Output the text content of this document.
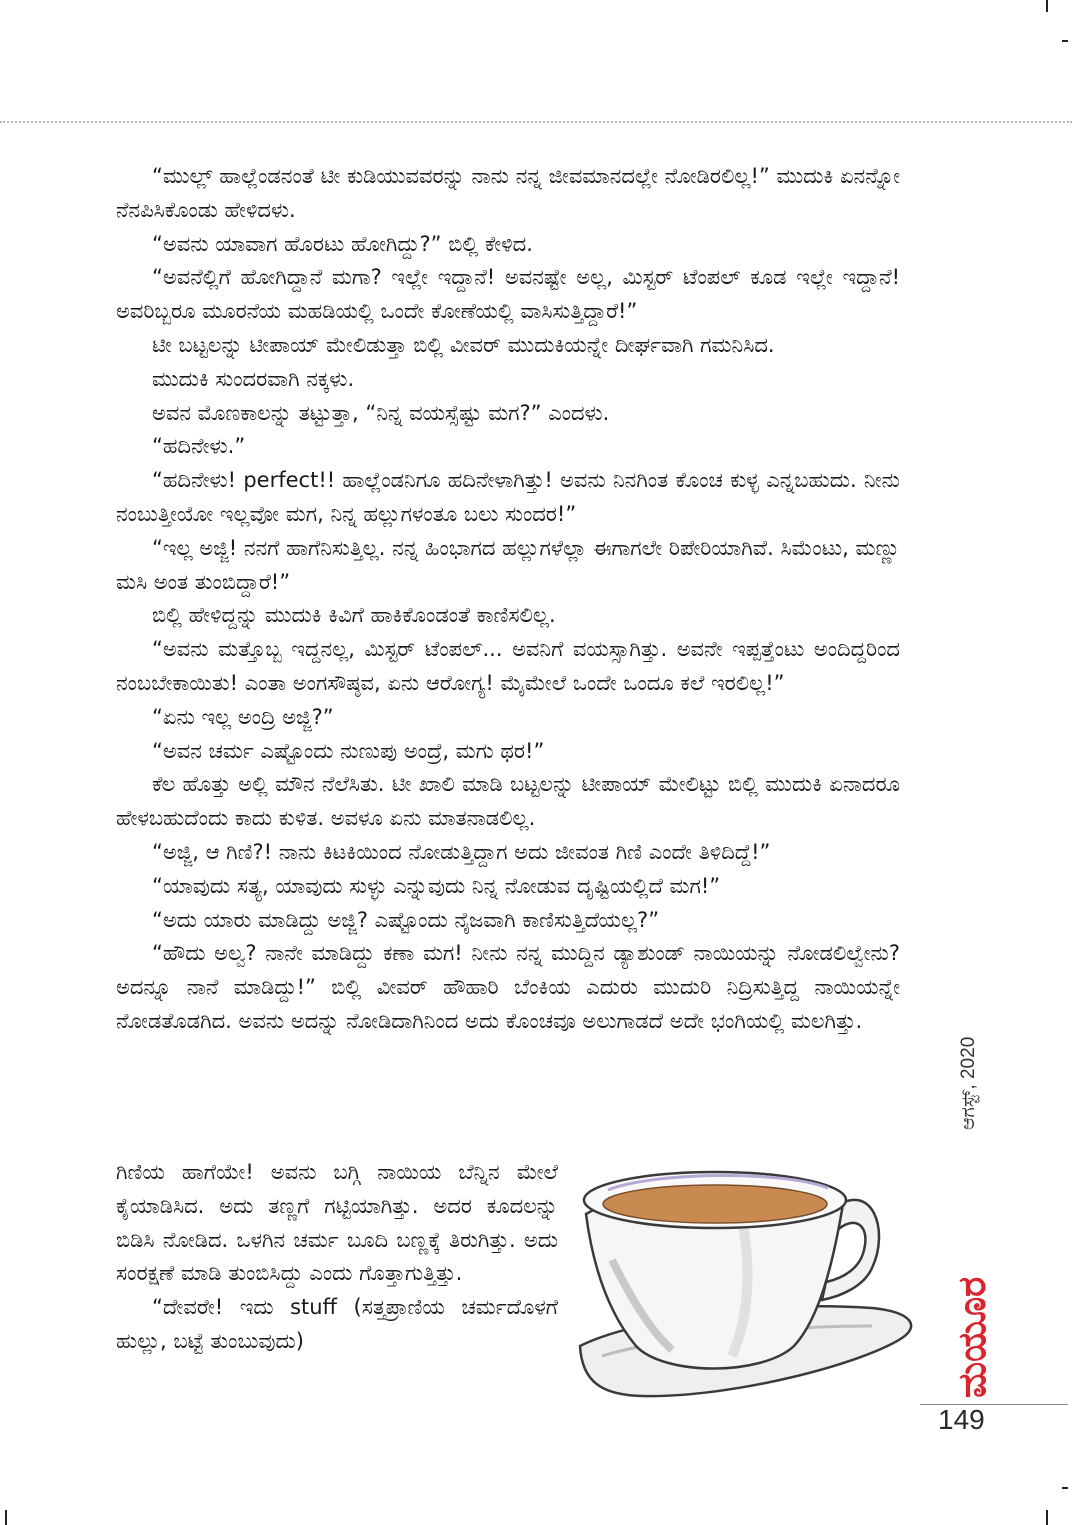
“ಮುಲ್ಲ್‌ ಹಾಲ್ಲೆಂಡನಂತೆ ಟೀ ಕುಡಿಯುವವರನ್ನು ನಾನು ನನ್ನ ಜೀವಮಾನದಲ್ಲೇ ನೋಡಿರಲಿಲ್ಲ!” ಮುದುಕಿ ಏನನ್ನೋ ನೆನಪಿಸಿಕೊಂಡು ಹೇಳಿದಳು.

“ಅವನು ಯಾವಾಗ ಹೊರಟು ಹೋಗಿದ್ದು?” ಬಿಲ್ಲಿ ಕೇಳಿದ.

“ಅವನೆಲ್ಲಿಗೆ ಹೋಗಿದ್ದಾನೆ ಮಗಾ? ಇಲ್ಲೇ ಇದ್ದಾನೆ! ಅವನಷ್ಟೇ ಅಲ್ಲ, ಮಿಸ್ಟರ್ ಟೆಂಪಲ್ ಕೂಡ ಇಲ್ಲೇ ಇದ್ದಾನೆ! ಅವರಿಬ್ಬರೂ ಮೂರನೆಯ ಮಹಡಿಯಲ್ಲಿ ಒಂದೇ ಕೋಣೆಯಲ್ಲಿ ವಾಸಿಸುತ್ತಿದ್ದಾರೆ!”

ಟೀ ಬಟ್ಟಲನ್ನು ಟೀಪಾಯ್ ಮೇಲಿಡುತ್ತಾ ಬಿಲ್ಲಿ ವೀವರ್ ಮುದುಕಿಯನ್ನೇ ದೀರ್ಘವಾಗಿ ಗಮನಿಸಿದ.

ಮುದುಕಿ ಸುಂದರವಾಗಿ ನಕ್ಕಳು.

ಅವನ ಮೊಣಕಾಲನ್ನು ತಟ್ಟುತ್ತಾ, “ನಿನ್ನ ವಯಸ್ಸೆಷ್ಟು ಮಗ?” ಎಂದಳು.

“ಹದಿನೇಳು.”

“ಹದಿನೇಳು! perfect!! ಹಾಲ್ಲೆಂಡನಿಗೂ ಹದಿನೇಳಾಗಿತ್ತು! ಅವನು ನಿನಗಿಂತ ಕೊಂಚ ಕುಳ್ಳ ಎನ್ನಬಹುದು. ನೀನು ನಂಬುತ್ತೀಯೋ ಇಲ್ಲವೋ ಮಗ, ನಿನ್ನ ಹಲ್ಲುಗಳಂತೂ ಬಲು ಸುಂದರ!”

“ಇಲ್ಲ ಅಜ್ಜಿ! ನನಗೆ ಹಾಗೆನಿಸುತ್ತಿಲ್ಲ. ನನ್ನ ಹಿಂಭಾಗದ ಹಲ್ಲುಗಳೆಲ್ಲಾ ಈಗಾಗಲೇ ರಿಪೇರಿಯಾಗಿವೆ. ಸಿಮೆಂಟು, ಮಣ್ಣು ಮಸಿ ಅಂತ ತುಂಬಿದ್ದಾರೆ!”

ಬಿಲ್ಲಿ ಹೇಳಿದ್ದನ್ನು ಮುದುಕಿ ಕಿವಿಗೆ ಹಾಕಿಕೊಂಡಂತೆ ಕಾಣಿಸಲಿಲ್ಲ.

“ಅವನು ಮತ್ತೊಬ್ಬ ಇದ್ದನಲ್ಲ, ಮಿಸ್ಟರ್ ಟೆಂಪಲ್... ಅವನಿಗೆ ವಯಸ್ಸಾಗಿತ್ತು. ಅವನೇ ಇಪ್ಪತ್ತೆಂಟು ಅಂದಿದ್ದರಿಂದ ನಂಬಬೇಕಾಯಿತು! ಎಂತಾ ಅಂಗಸೌಷ್ಠವ, ಏನು ಆರೋಗ್ಯ! ಮೈಮೇಲೆ ಒಂದೇ ಒಂದೂ ಕಲೆ ಇರಲಿಲ್ಲ!”

“ಏನು ಇಲ್ಲ ಅಂದ್ರಿ ಅಜ್ಜಿ?”

“ಅವನ ಚರ್ಮ ಎಷ್ಟೊಂದು ನುಣುಪು ಅಂದ್ರೆ, ಮಗು ಥರ!”

ಕೆಲ ಹೊತ್ತು ಅಲ್ಲಿ ಮೌನ ನೆಲೆಸಿತು. ಟೀ ಖಾಲಿ ಮಾಡಿ ಬಟ್ಟಲನ್ನು ಟೀಪಾಯ್ ಮೇಲಿಟ್ಟು ಬಿಲ್ಲಿ ಮುದುಕಿ ಏನಾದರೂ ಹೇಳಬಹುದೆಂದು ಕಾದು ಕುಳಿತ. ಅವಳೂ ಏನು ಮಾತನಾಡಲಿಲ್ಲ.

“ಅಜ್ಜಿ, ಆ ಗಿಣಿ?! ನಾನು ಕಿಟಕಿಯಿಂದ ನೋಡುತ್ತಿದ್ದಾಗ ಅದು ಜೀವಂತ ಗಿಣಿ ಎಂದೇ ತಿಳಿದಿದ್ದೆ!”

“ಯಾವುದು ಸತ್ಯ, ಯಾವುದು ಸುಳ್ಳು ಎನ್ನುವುದು ನಿನ್ನ ನೋಡುವ ದೃಷ್ಟಿಯಲ್ಲಿದೆ ಮಗ!”

“ಅದು ಯಾರು ಮಾಡಿದ್ದು ಅಜ್ಜಿ? ಎಷ್ಟೊಂದು ನೈಜವಾಗಿ ಕಾಣಿಸುತ್ತಿದೆಯಲ್ಲ?”

“ಹೌದು ಅಲ್ವ? ನಾನೇ ಮಾಡಿದ್ದು ಕಣಾ ಮಗ! ನೀನು ನನ್ನ ಮುದ್ದಿನ ಡ್ಯಾಶುಂಡ್ ನಾಯಿಯನ್ನು ನೋಡಲಿಲ್ವೇನು? ಅದನ್ನೂ ನಾನೆ ಮಾಡಿದ್ದು!” ಬಿಲ್ಲಿ ವೀವರ್ ಹೌಹಾರಿ ಬೆಂಕಿಯ ಎದುರು ಮುದುರಿ ನಿದ್ರಿಸುತ್ತಿದ್ದ ನಾಯಿಯನ್ನೇ ನೋಡತೊಡಗಿದ. ಅವನು ಅದನ್ನು ನೋಡಿದಾಗಿನಿಂದ ಅದು ಕೊಂಚವೂ ಅಲುಗಾಡದೆ ಅದೇ ಭಂಗಿಯಲ್ಲಿ ಮಲಗಿತ್ತು.

ಗಿಣಿಯ ಹಾಗೆಯೇ! ಅವನು ಬಗ್ಗಿ ನಾಯಿಯ ಬೆನ್ನಿನ ಮೇಲೆ ಕೈಯಾಡಿಸಿದ. ಅದು ತಣ್ಣಗೆ ಗಟ್ಟಿಯಾಗಿತ್ತು. ಅದರ ಕೂದಲನ್ನು ಬಿಡಿಸಿ ನೋಡಿದ. ಒಳಗಿನ ಚರ್ಮ ಬೂದಿ ಬಣ್ಣಕ್ಕೆ ತಿರುಗಿತ್ತು. ಅದು ಸಂರಕ್ಷಣೆ ಮಾಡಿ ತುಂಬಿಸಿದ್ದು ಎಂದು ಗೊತ್ತಾಗುತ್ತಿತ್ತು.

“ದೇವರೇ! ಇದು stuff (ಸತ್ತಪ್ರಾಣಿಯ ಚರ್ಮದೊಳಗೆ ಹುಲ್ಲು, ಬಟ್ಟೆ ತುಂಬುವುದು)

ಆಗಸ್ಟ್, 2020
ಮಯೂರ
149
